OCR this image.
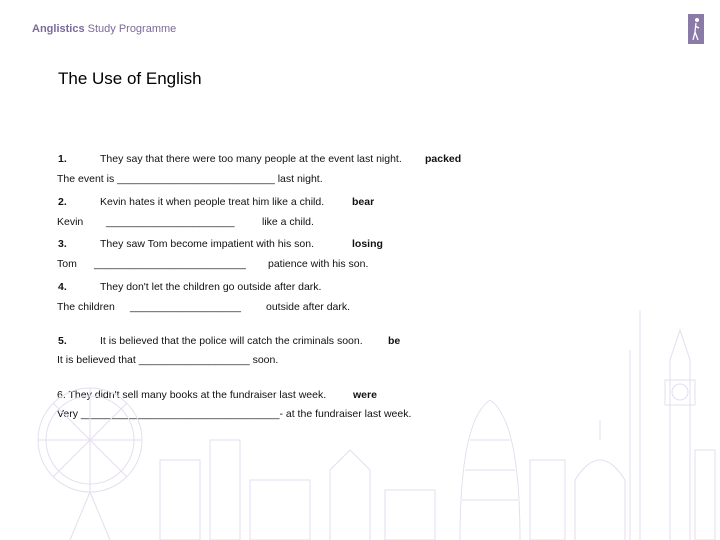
Anglistics Study Programme
The Use of English
1.	They say that there were too many people at the event last night. packed
The event is ___________________________ last night.
2.	Kevin hates it when people treat him like a child.	bear
Kevin ______________________	like a child.
3.	They saw Tom become impatient with his son.	losing
Tom __________________________ patience with his son.
4.	They don't let the children go outside after dark.
The children ___________________ outside after dark.
5.	It is believed that the police will catch the criminals soon. be
It is believed that ___________________ soon.
6. They didn't sell many books at the fundraiser last week.	were
Very __________________________________- at the fundraiser last week.
